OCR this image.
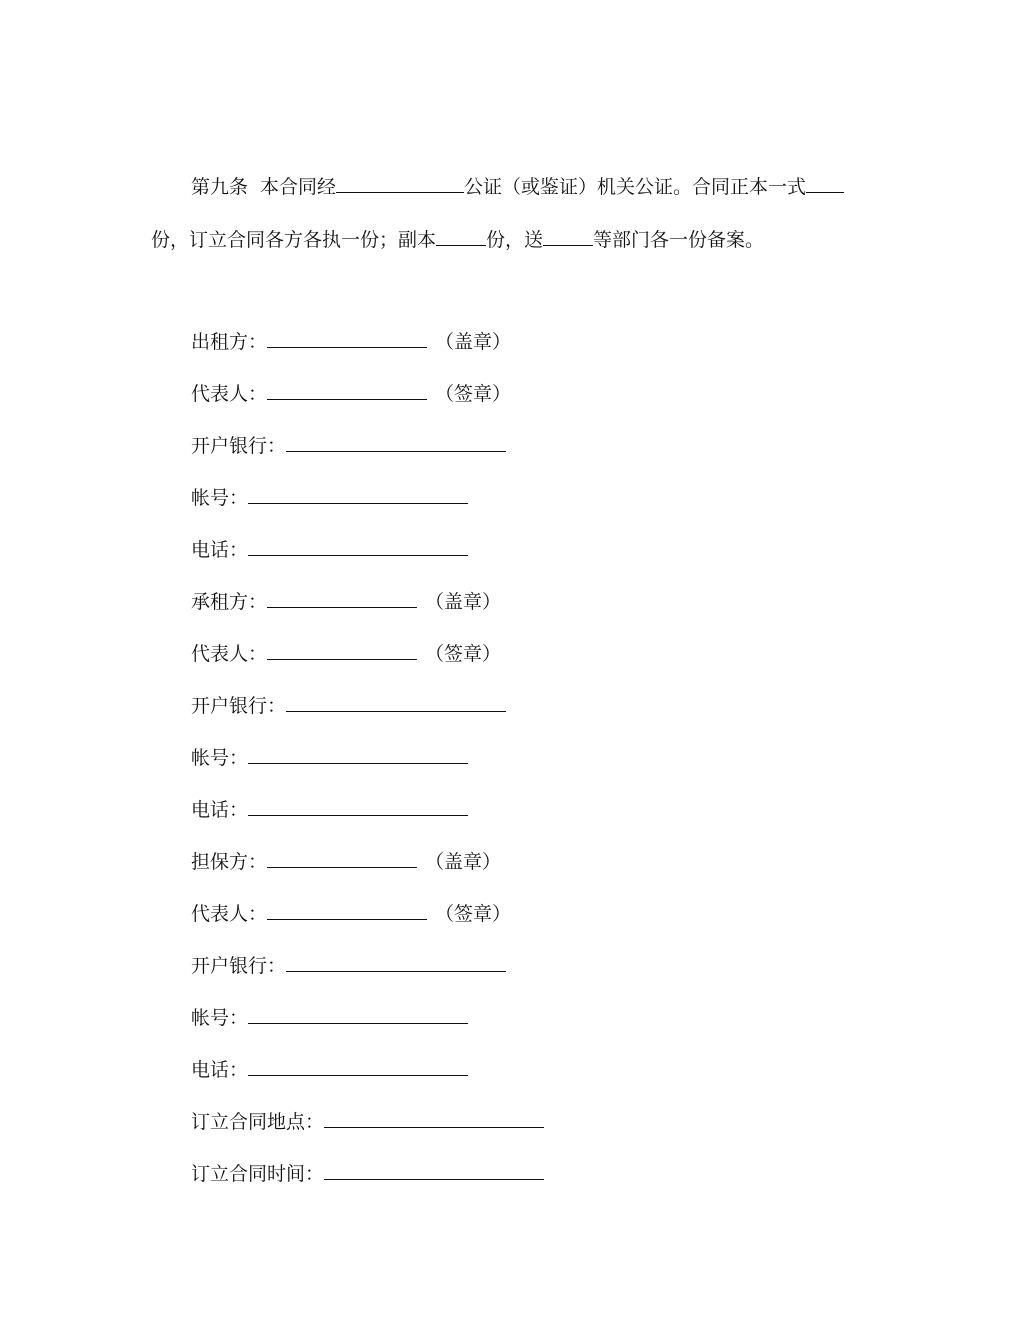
第九条 本合同经	公证（或鉴证）机关公证。合同正本一式
份，订立合同各方各执一份；副本	份，送	等部门各一份备案。
出租方：	（盖章）
代表人：	（签章）
开户银行：
帐号：
电话：
承租方：	（盖章）
代表人：	（签章）
开户银行：
帐号：
电话：
担保方：	（盖章）
代表人：	（签章）
开户银行：
帐号：
电话：
订立合同地点：
订立合同时间：
